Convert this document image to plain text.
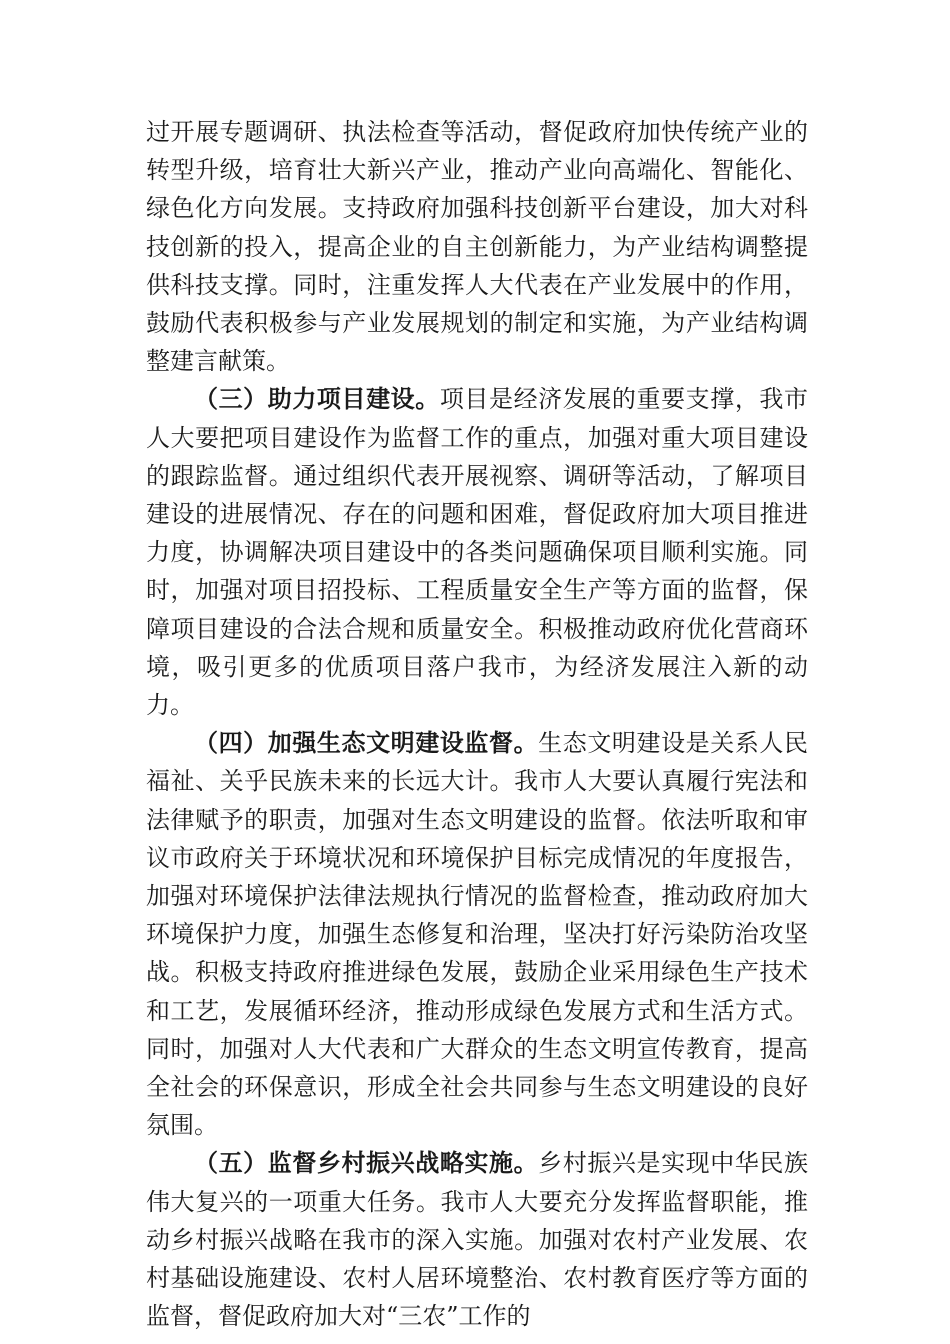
过开展专题调研、执法检查等活动，督促政府加快传统产业的转型升级，培育壮大新兴产业，推动产业向高端化、智能化、绿色化方向发展。支持政府加强科技创新平台建设，加大对科技创新的投入，提高企业的自主创新能力，为产业结构调整提供科技支撑。同时，注重发挥人大代表在产业发展中的作用，鼓励代表积极参与产业发展规划的制定和实施，为产业结构调整建言献策。

（三）助力项目建设。项目是经济发展的重要支撑，我市人大要把项目建设作为监督工作的重点，加强对重大项目建设的跟踪监督。通过组织代表开展视察、调研等活动，了解项目建设的进展情况、存在的问题和困难，督促政府加大项目推进力度，协调解决项目建设中的各类问题确保项目顺利实施。同时，加强对项目招投标、工程质量安全生产等方面的监督，保障项目建设的合法合规和质量安全。积极推动政府优化营商环境，吸引更多的优质项目落户我市，为经济发展注入新的动力。

（四）加强生态文明建设监督。生态文明建设是关系人民福祉、关乎民族未来的长远大计。我市人大要认真履行宪法和法律赋予的职责，加强对生态文明建设的监督。依法听取和审议市政府关于环境状况和环境保护目标完成情况的年度报告，加强对环境保护法律法规执行情况的监督检查，推动政府加大环境保护力度，加强生态修复和治理，坚决打好污染防治攻坚战。积极支持政府推进绿色发展，鼓励企业采用绿色生产技术和工艺，发展循环经济，推动形成绿色发展方式和生活方式。同时，加强对人大代表和广大群众的生态文明宣传教育，提高全社会的环保意识，形成全社会共同参与生态文明建设的良好氛围。

（五）监督乡村振兴战略实施。乡村振兴是实现中华民族伟大复兴的一项重大任务。我市人大要充分发挥监督职能，推动乡村振兴战略在我市的深入实施。加强对农村产业发展、农村基础设施建设、农村人居环境整治、农村教育医疗等方面的监督，督促政府加大对“三农”工作的
